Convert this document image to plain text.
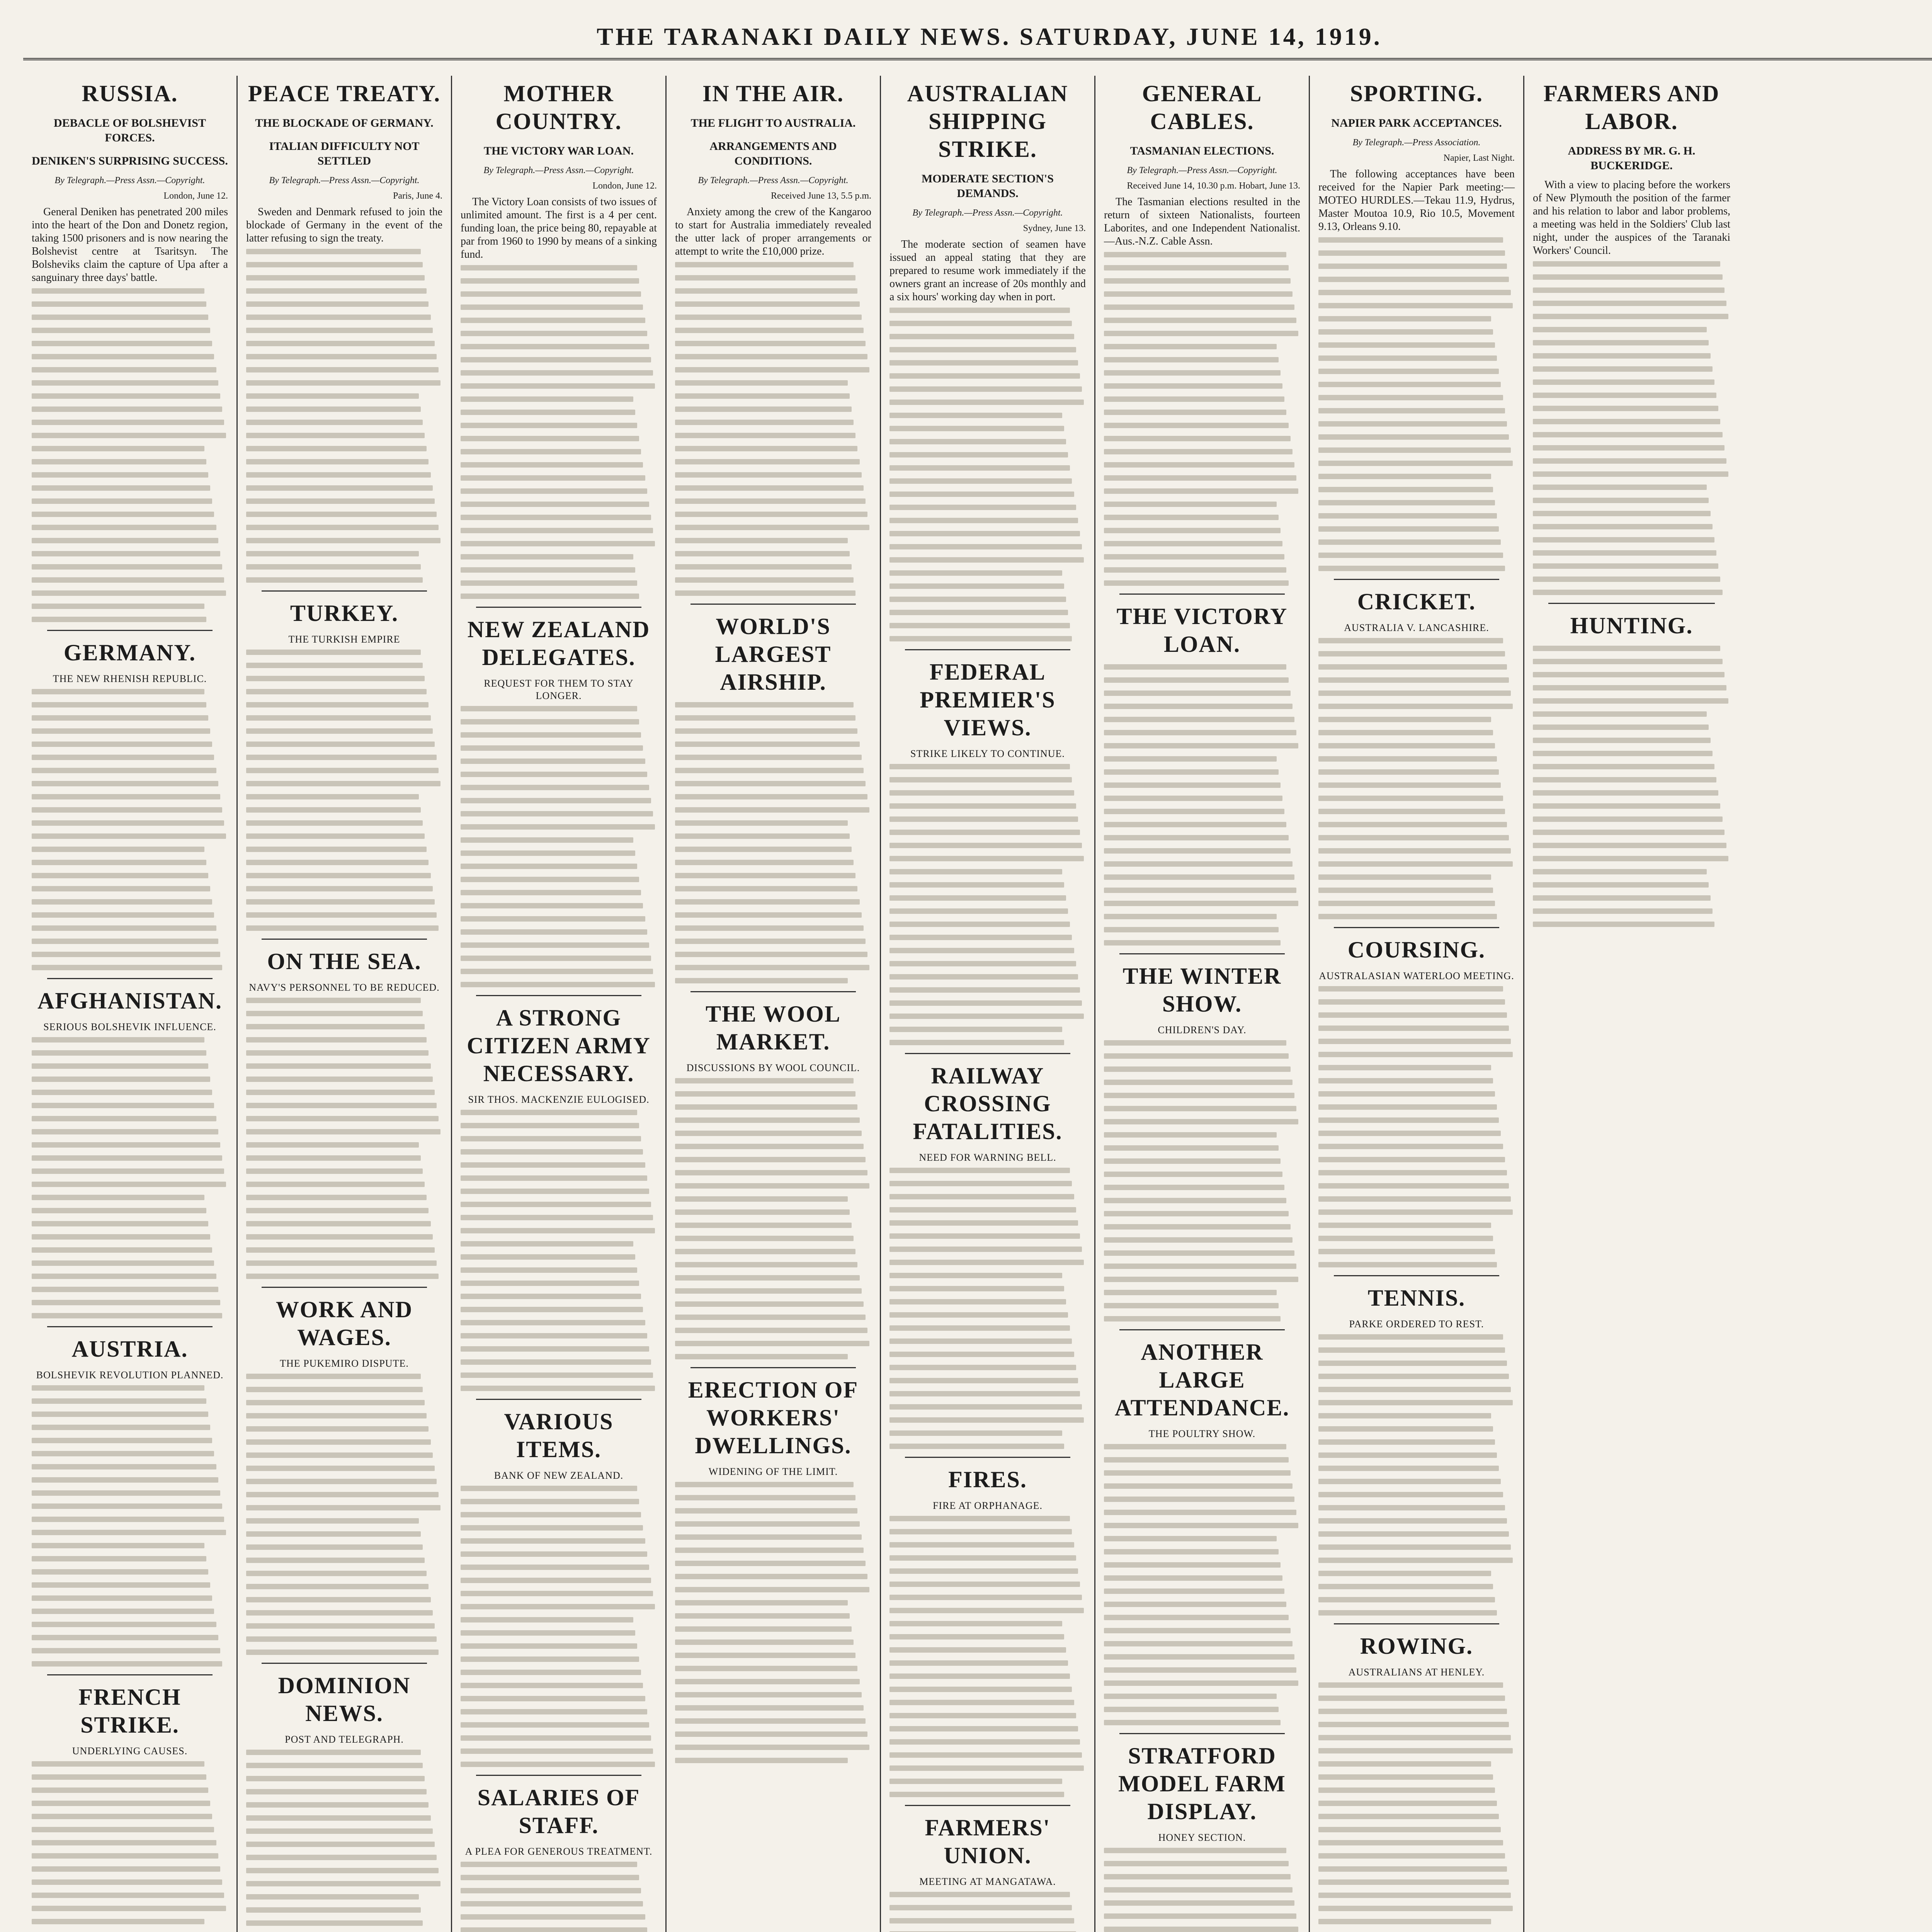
THE TARANAKI DAILY NEWS. SATURDAY, JUNE 14, 1919.
RUSSIA.
DEBACLE OF BOLSHEVIST FORCES.
DENIKEN'S SURPRISING SUCCESS.
By Telegraph.—Press Assn.—Copyright.
London, June 12.

General Deniken has penetrated 200 miles into the heart of the Don and Donetz region, taking 1500 prisoners and is now nearing the Bolshevist centre at Tsaritsyn. The Bolsheviks claim the capture of Upa after a sanguinary three days' battle.

GERMANY.
THE NEW RHENISH REPUBLIC.
AFGHANISTAN.
SERIOUS BOLSHEVIK INFLUENCE.
AUSTRIA.
BOLSHEVIK REVOLUTION PLANNED.
FRENCH STRIKE.
UNDERLYING CAUSES.
PEACE TREATY.
THE BLOCKADE OF GERMANY.
ITALIAN DIFFICULTY NOT SETTLED
By Telegraph.—Press Assn.—Copyright.
Paris, June 4.

Sweden and Denmark refused to join the blockade of Germany in the event of the latter refusing to sign the treaty.

TURKEY.
THE TURKISH EMPIRE
ON THE SEA.
NAVY'S PERSONNEL TO BE REDUCED.
WORK AND WAGES.
THE PUKEMIRO DISPUTE.
DOMINION NEWS.
POST AND TELEGRAPH.
MOTHER COUNTRY.
THE VICTORY WAR LOAN.
By Telegraph.—Press Assn.—Copyright.
London, June 12.

The Victory Loan consists of two issues of unlimited amount. The first is a 4 per cent. funding loan, the price being 80, repayable at par from 1960 to 1990 by means of a sinking fund.

NEW ZEALAND DELEGATES.
REQUEST FOR THEM TO STAY LONGER.
A STRONG CITIZEN ARMY NECESSARY.
SIR THOS. MACKENZIE EULOGISED.
VARIOUS ITEMS.
BANK OF NEW ZEALAND.
SALARIES OF STAFF.
A PLEA FOR GENEROUS TREATMENT.
IN THE AIR.
THE FLIGHT TO AUSTRALIA.
ARRANGEMENTS AND CONDITIONS.
By Telegraph.—Press Assn.—Copyright.
Received June 13, 5.5 p.m.

Anxiety among the crew of the Kangaroo to start for Australia immediately revealed the utter lack of proper arrangements or attempt to write the £10,000 prize.

WORLD'S LARGEST AIRSHIP.
THE WOOL MARKET.
DISCUSSIONS BY WOOL COUNCIL.
ERECTION OF WORKERS' DWELLINGS.
WIDENING OF THE LIMIT.
AUSTRALIAN SHIPPING STRIKE.
MODERATE SECTION'S DEMANDS.
By Telegraph.—Press Assn.—Copyright.
Sydney, June 13.

The moderate section of seamen have issued an appeal stating that they are prepared to resume work immediately if the owners grant an increase of 20s monthly and a six hours' working day when in port.

FEDERAL PREMIER'S VIEWS.
STRIKE LIKELY TO CONTINUE.
RAILWAY CROSSING FATALITIES.
NEED FOR WARNING BELL.
FIRES.
FIRE AT ORPHANAGE.
FARMERS' UNION.
MEETING AT MANGATAWA.
GENERAL CABLES.
TASMANIAN ELECTIONS.
By Telegraph.—Press Assn.—Copyright.
Received June 14, 10.30 p.m. Hobart, June 13.

The Tasmanian elections resulted in the return of sixteen Nationalists, fourteen Laborites, and one Independent Nationalist.—Aus.-N.Z. Cable Assn.

THE VICTORY LOAN.
THE WINTER SHOW.
CHILDREN'S DAY.
ANOTHER LARGE ATTENDANCE.
THE POULTRY SHOW.
STRATFORD MODEL FARM DISPLAY.
HONEY SECTION.
SPORTING.
NAPIER PARK ACCEPTANCES.
By Telegraph.—Press Association.
Napier, Last Night.

The following acceptances have been received for the Napier Park meeting:— MOTEO HURDLES.—Tekau 11.9, Hydrus, Master Moutoa 10.9, Rio 10.5, Movement 9.13, Orleans 9.10.

CRICKET.
AUSTRALIA V. LANCASHIRE.
COURSING.
AUSTRALASIAN WATERLOO MEETING.
TENNIS.
PARKE ORDERED TO REST.
ROWING.
AUSTRALIANS AT HENLEY.
FARMERS AND LABOR.
ADDRESS BY MR. G. H. BUCKERIDGE.

With a view to placing before the workers of New Plymouth the position of the farmer and his relation to labor and labor problems, a meeting was held in the Soldiers' Club last night, under the auspices of the Taranaki Workers' Council.

HUNTING.
